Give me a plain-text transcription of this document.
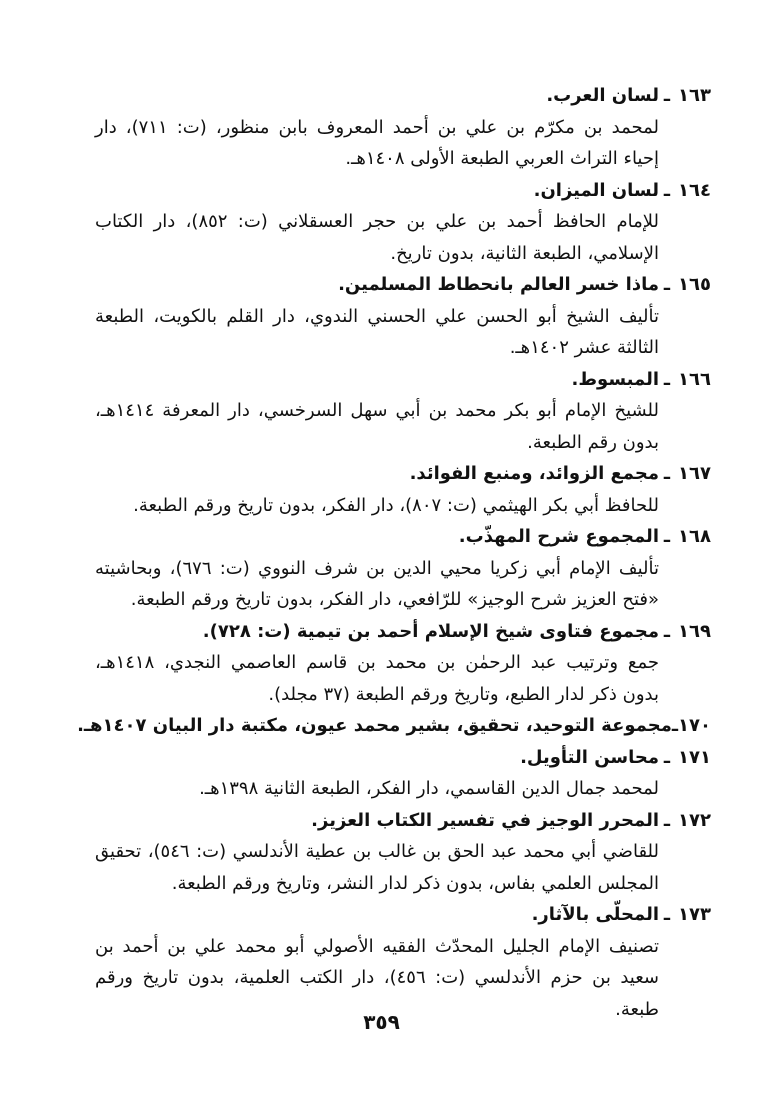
١٦٣
ـ
لسان العرب.
لمحمد بن مكرّم بن علي بن أحمد المعروف بابن منظور، (ت: ٧١١)، دار إحياء التراث العربي الطبعة الأولى ١٤٠٨هـ.
١٦٤
ـ
لسان الميزان.
للإمام الحافظ أحمد بن علي بن حجر العسقلاني (ت: ٨٥٢)، دار الكتاب الإسلامي، الطبعة الثانية، بدون تاريخ.
١٦٥
ـ
ماذا خسر العالم بانحطاط المسلمين.
تأليف الشيخ أبو الحسن علي الحسني الندوي، دار القلم بالكويت، الطبعة الثالثة عشر ١٤٠٢هـ.
١٦٦
ـ
المبسوط.
للشيخ الإمام أبو بكر محمد بن أبي سهل السرخسي، دار المعرفة ١٤١٤هـ، بدون رقم الطبعة.
١٦٧
ـ
مجمع الزوائد، ومنبع الفوائد.
للحافظ أبي بكر الهيثمي (ت: ٨٠٧)، دار الفكر، بدون تاريخ ورقم الطبعة.
١٦٨
ـ
المجموع شرح المهذّب.
تأليف الإمام أبي زكريا محيي الدين بن شرف النووي (ت: ٦٧٦)، وبحاشيته «فتح العزيز شرح الوجيز» للرّافعي، دار الفكر، بدون تاريخ ورقم الطبعة.
١٦٩
ـ
مجموع فتاوى شيخ الإسلام أحمد بن تيمية (ت: ٧٢٨).
جمع وترتيب عبد الرحمٰن بن محمد بن قاسم العاصمي النجدي، ١٤١٨هـ، بدون ذكر لدار الطبع، وتاريخ ورقم الطبعة (٣٧ مجلد).
١٧٠
ـ
مجموعة التوحيد، تحقيق، بشير محمد عيون، مكتبة دار البيان ١٤٠٧هـ.
١٧١
ـ
محاسن التأويل.
لمحمد جمال الدين القاسمي، دار الفكر، الطبعة الثانية ١٣٩٨هـ.
١٧٢
ـ
المحرر الوجيز في تفسير الكتاب العزيز.
للقاضي أبي محمد عبد الحق بن غالب بن عطية الأندلسي (ت: ٥٤٦)، تحقيق المجلس العلمي بفاس، بدون ذكر لدار النشر، وتاريخ ورقم الطبعة.
١٧٣
ـ
المحلّى بالآثار.
تصنيف الإمام الجليل المحدّث الفقيه الأصولي أبو محمد علي بن أحمد بن سعيد بن حزم الأندلسي (ت: ٤٥٦)، دار الكتب العلمية، بدون تاريخ ورقم طبعة.
٣٥٩
